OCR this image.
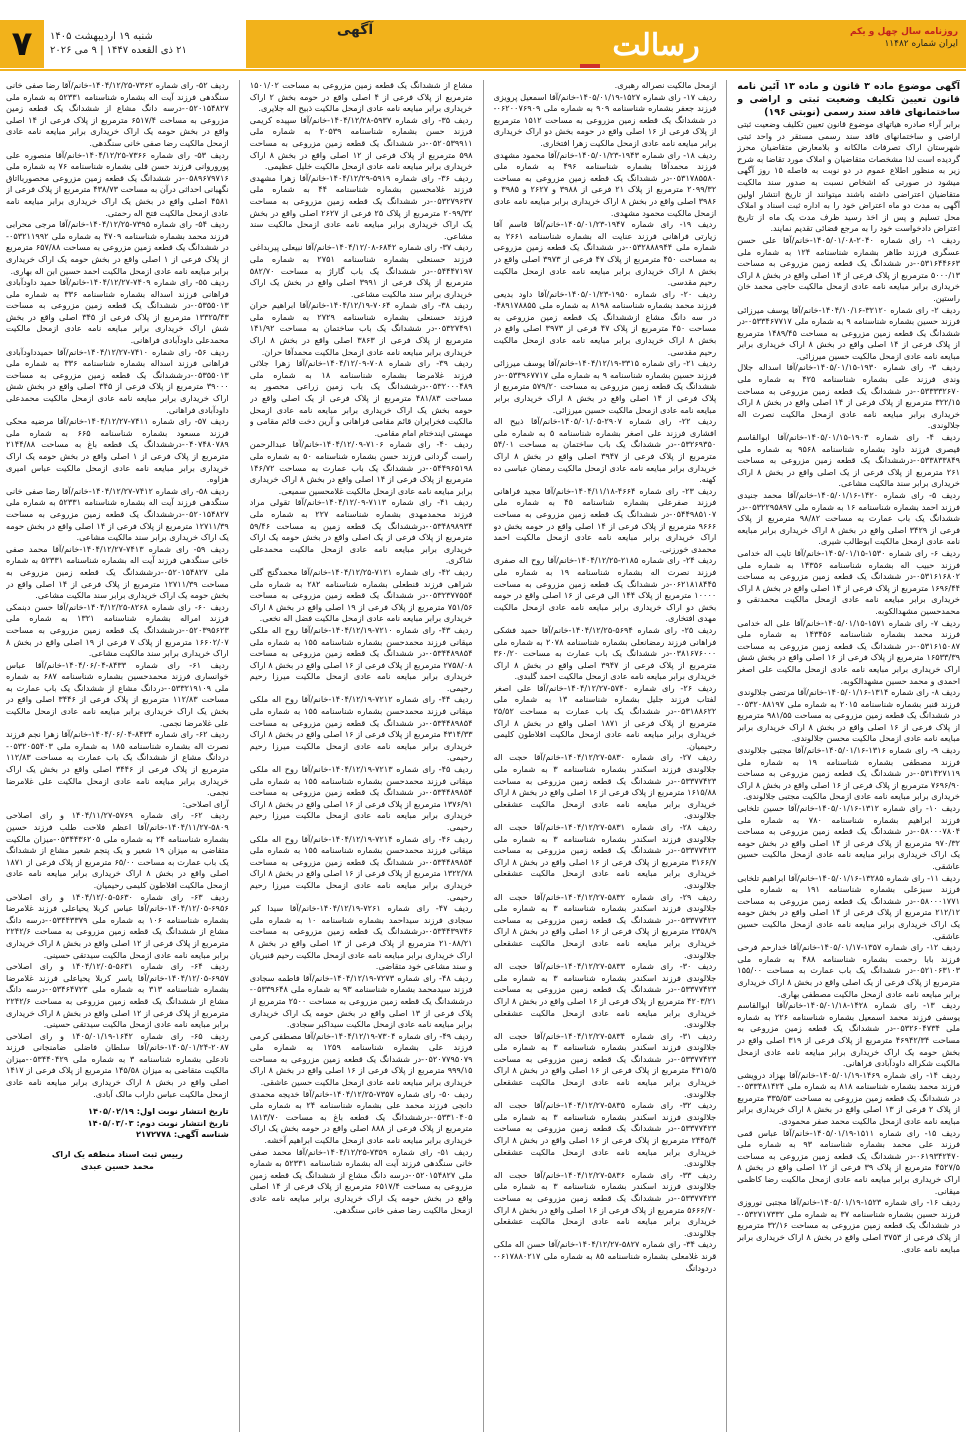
۷	شنبه ۱۹ اردیبهشت ۱۴۰۵
۲۱ ذی القعده ۱۴۴۷ | ۹ می ۲۰۲۶
آگهی	رسالت	روزنامه سال چهل و یکم
ایران شماره ۱۱۴۸۲

آگهی موضوع ماده ۳ قانون و ماده ۱۳ آئین نامه قانون تعیین تکلیف وضعیت ثبتی و اراضی و ساختمانهای فاقد سند رسمی (نوبتی ۱۹۶)

برابر آراء صادره هیاتهای موضوع قانون تعیین تکلیف وضعیت ثبتی اراضی و ساختمانهای فاقد سند رسمی مستقر در واحد ثبتی شهرستان اراک تصرفات مالکانه و بلامعارض متقاضیان محرز گردیده است لذا مشخصات متقاضیان و املاک مورد تقاضا به شرح زیر به منظور اطلاع عموم در دو نوبت به فاصله ۱۵ روز آگهی میشود در صورتی که اشخاص نسبت به صدور سند مالکیت متقاضیان اعتراضی داشته باشند میتوانند از تاریخ انتشار اولین آگهی به مدت دو ماه اعتراض خود را به اداره ثبت اسناد و املاک محل تسلیم و پس از اخذ رسید ظرف مدت یک ماه از تاریخ اعتراض دادخواست خود را به مرجع قضائی تقدیم نمایند.

ردیف ۱- رای شماره ۲۰۴۰-۱۴۰۵/۰۱/۰۸-خانم/آقا علی حسن عسگری فرزند طاهر بشماره شناسنامه ۱۲۴ به شماره ملی ۰۵۳۱۶۴۴۶۶۳-در ششدانگ یک قطعه زمین مزروعی به مساحت ۵۰۰۰/۱۳ مترمربع از پلاک فرعی از ۱۴ اصلی واقع در بخش ۸ اراک خریداری برابر مبایعه نامه عادی ازمحل مالکیت حاجی محمد خان راستین.

ردیف ۲- رای شماره ۳۲۱۲۰-۱۴۰۴/۱۰/۱۶-خانم/آقا یوسف میرزائی فرزند حسین بشماره شناسنامه ۹ به شماره ملی ۰۵۳۳۴۶۷۷۱۷-در ششدانگ یک قطعه زمین مزروعی به مساحت ۱۴۸۹/۴۵ مترمربع از پلاک فرعی از ۱۴ اصلی واقع در بخش ۸ اراک خریداری برابر مبایعه نامه عادی ازمحل مالکیت حسین میرزائی.

ردیف ۳- رای شماره ۱۹۳۰-۱۴۰۵/۰۱/۱۵-خانم/آقا اسداله جلال وندی فرزند علی بشماره شناسنامه ۴۲۵ به شماره ملی ۰۵۳۳۳۳۲۶۷۰-در ششدانگ یک قطعه زمین مزروعی به مساحت ۳۲۲/۱۵ مترمربع از پلاک فرعی از ۱۴ اصلی واقع در بخش ۸ اراک خریداری برابر مبایعه نامه عادی ازمحل مالکیت نصرت اله جلالوندی.

ردیف ۴- رای شماره ۱۹۰۳-۱۴۰۵/۰۱/۱۵-خانم/آقا ابوالقاسم قیصری فرزند داود بشماره شناسنامه ۹۵۶۸ به شماره ملی ۰۵۳۳۸۳۳۸۴۹-درششدانگ یک قطعه زمین مزروعی به مساحت ۲۶۱ مترمربع از پلاک فرعی از یک اصلی واقع در بخش ۸ اراک خریداری برابر سند مالکیت مشاعی.

ردیف ۵- رای شماره ۱۴۲۰-۱۴۰۵/۰۱/۱۶-خانم/آقا محمد جنیدی فرزند احمد بشماره شناسنامه ۱۶ به شماره ملی ۰۵۳۲۲۹۵۸۹۷-در ششدانگ یک باب عمارت به مساحت ۹۸/۸۲ مترمربع از پلاک فرعی از ۳۴۲۹ اصلی واقع در بخش ۸ اراک خریداری برابر مبایعه نامه عادی ازمحل مالکیت ابوطالب شیری.

ردیف ۶- رای شماره ۱۵۳۰-۱۴۰۵/۰۱/۱۵-خانم/آقا تایب اله خدامی فرزند حبیب اله بشماره شناسنامه ۱۴۳۵۶ به شماره ملی ۰۵۳۱۶۱۶۸۰۲-در ششدانگ یک قطعه زمین مزروعی به مساحت ۱۶۹۶/۴۴ مترمربع از پلاک فرعی از ۱۴ اصلی واقع در بخش ۸ اراک خریداری برابر مبایعه نامه عادی ازمحل مالکیت محمدنقی و محمدحسین مشهدالکوبه.

ردیف ۷- رای شماره ۱۵۷۱-۱۴۰۵/۰۱/۱۵-خانم/آقا علی اله خدامی فرزند محمد بشماره شناسنامه ۱۴۳۴۵۶ به شماره ملی ۰۵۳۱۶۱۵۰۸۷-در ششدانگ یک قطعه زمین مزروعی به مساحت ۱۶۵۳۳/۳۹ مترمربع از پلاک فرعی از ۱۶ اصلی واقع در بخش شش اراک خریداری برابر مبایعه نامه عادی ازمحل مالکیت علی اصغر احمدی و محمد حسین مشهدالکوبه.

ردیف ۸- رای شماره ۱۳۱۴-۱۴۰۵/۰۱/۱۶-خانم/آقا مرتضی جلالوندی فرزند قنبر بشماره شناسنامه ۲۰۱۵ به شماره ملی ۰۵۳۲۰۸۸۱۹۷-در ششدانگ یک قطعه زمین مزروعی به مساحت ۹۸۱/۵۵ مترمربع از پلاک فرعی از ۱۶ اصلی واقع در بخش ۸ اراک خریداری برابر مبایعه نامه عادی ازمحل مالکیت محسن جلالوندی.

ردیف ۹- رای شماره ۱۳۱۶-۱۴۰۵/۰۱/۱۶-خانم/آقا مجتبی جلالوندی فرزند مصطفی بشماره شناسنامه ۱۹ به شماره ملی ۰۵۳۱۴۲۷۱۱۹-در ششدانگ یک قطعه زمین مزروعی به مساحت ۷۶۹۶/۹۰ مترمربع از پلاک فرعی از ۱۶ اصلی واقع در بخش ۸ اراک خریداری برابر مبایعه نامه عادی ازمحل مالکیت مجتبی جلالوندی.

ردیف ۱۰- رای شماره ۱۳۱۲-۱۴۰۵/۰۱/۱۶-خانم/آقا حسین تلخابی فرزند ابراهیم بشماره شناسنامه ۷۸۰ به شماره ملی ۰۵۸۰۰۰۷۸۰۴-در ششدانگ یک قطعه زمین مزروعی به مساحت ۹۷۰/۳۲ مترمربع از پلاک فرعی از ۱۴ اصلی واقع در بخش حومه یک اراک خریداری برابر مبایعه نامه عادی ازمحل مالکیت حسین عاشقی.

ردیف ۱۱- رای شماره ۱۳۲۸۵-۱۴۰۵/۰۱/۱۶-خانم/آقا ابراهیم تلخابی فرزند سیزعلی بشماره شناسنامه ۱۹۱ به شماره ملی ۰۵۸۰۰۰۱۷۷۱-در ششدانگ یک قطعه زمین مزروعی به مساحت ۲۱۲/۱۲ مترمربع از پلاک فرعی از ۱۴ اصلی واقع در بخش حومه یک اراک خریداری برابر مبایعه نامه عادی ازمحل مالکیت حسین عاشقی.

ردیف ۱۲- رای شماره ۱۳۵۷-۱۴۰۵/۰۱/۱۷-خانم/آقا خدارحم فرحی فرزند بابا رحمت بشماره شناسنامه ۴۸۸ به شماره ملی ۰۵۲۱۰۶۳۱۰۳-در ششدانگ یک باب عمارت به مساحت ۱۵۵/۰۰ مترمربع از پلاک فرعی از یک اصلی واقع در بخش ۸ اراک خریداری برابر مبایعه نامه عادی ازمحل مالکیت مصطفی بهاری.

ردیف ۱۳- رای شماره ۱۴۲۸-۱۴۰۵/۰۱/۱۸-خانم/آقا ابوالقاسم یوسفی فرزند محمد اسمعیل بشماره شناسنامه ۲۲۶ به شماره ملی ۰۵۳۲۶۰۴۷۳۴-در ششدانگ یک قطعه زمین مزروعی به مساحت ۴۶۹۴۲/۳۴ مترمربع از پلاک فرعی از ۳۱۹ اصلی واقع در بخش حومه یک اراک خریداری برابر مبایعه نامه عادی ازمحل مالکیت شکراله داودآبادی فراهانی.

ردیف ۱۴- رای شماره ۱۴۶۹-۱۴۰۵/۰۱/۱۹-خانم/آقا بهزاد درویشی فرزند محمد بشماره شناسنامه ۸۱۸ به شماره ملی ۰۵۳۳۴۸۱۴۲۴-در ششدانگ یک قطعه زمین مزروعی به مساحت ۳۳۵/۵۳ مترمربع از پلاک ۲ فرعی از ۱۳ اصلی واقع در بخش ۸ اراک خریداری برابر مبایعه نامه عادی ازمحل مالکیت محمد صفر محمودی.

ردیف ۱۵- رای شماره ۱۵۱۱-۱۴۰۵/۰۱/۱۹-خانم/آقا عباس قمی فرزند علی محمد بشماره شناسنامه ۹۳ به شماره ملی ۰۶۱۹۳۴۲۴۷۰-در ششدانگ یک قطعه زمین مزروعی به مساحت ۴۵۲۷/۵ مترمربع از پلاک ۳۹ فرعی از ۱۲ اصلی واقع در بخش ۸ اراک خریداری برابر مبایعه نامه عادی ازمحل مالکیت رضا کاظمی میقانی.

ردیف ۱۶- رای شماره ۱۵۲۳-۱۴۰۵/۰۱/۱۹-خانم/آقا مجتبی نوروزی فرزند حسین بشماره شناسنامه ۳۷ به شماره ملی ۰۵۳۲۷۱۷۳۳۲-در ششدانگ یک قطعه زمین مزروعی به مساحت ۳۲/۱۶ مترمربع از پلاک فرعی از ۳۷۵۳ اصلی واقع در بخش ۸ اراک خریداری برابر مبایعه نامه عادی.

ازمحل مالکیت نصراله رهبری.

ردیف ۱۷- رای شماره ۱۵۲۷-۱۴۰۵/۰۱/۱۹-خانم/آقا اسمعیل پرویزی فرزند جعفر بشماره شناسنامه ۹۰۹ به شماره ملی ۰۶۲۰۰۷۶۹۰۹-در ششدانگ یک قطعه زمین مزروعی به مساحت ۱۵۱۲ مترمربع از پلاک فرعی از ۱۶ اصلی واقع در حومه بخش دو اراک خریداری برابر مبایعه نامه عادی ازمحل مالکیت زهرا افتخاری.

ردیف ۱۸- رای شماره ۱۹۴۳-۱۴۰۵/۰۱/۲۳-خانم/آقا محمود مشهدی فرزند محمدآقا بشماره شناسنامه ۴۹۶ به شماره ملی ۰۵۳۱۷۸۵۵۸۰-در ششدانگ یک قطعه زمین مزروعی به مساحت ۲۰۹۹/۳۲ مترمربع از پلاک ۲۱ فرعی از ۳۹۸۸ و ۲۶۲۷ و ۳۹۸۵ و ۳۹۸۶ اصلی واقع در بخش ۸ اراک خریداری برابر مبایعه نامه عادی ازمحل مالکیت محمود مشهدی.

ردیف ۱۹- رای شماره ۱۹۴۷-۱۴۰۵/۰۱/۲۳-خانم/آقا قاسم آقا زیارتی فراهانی فرزند عنایت اله بشماره شناسنامه ۲۶۶۱ به شماره ملی ۰۵۳۲۸۸۸۹۴۴-در ششدانگ یک قطعه زمین مزروعی به مساحت ۴۵۰ مترمربع از پلاک ۴۷ فرعی از ۳۹۷۳ اصلی واقع در بخش ۸ اراک خریداری برابر مبایعه نامه عادی ازمحل مالکیت رحیم مقدسی.

ردیف ۲۰- رای شماره ۱۹۵۰-۱۴۰۵/۰۱/۲۳-خانم/آقا داود بدیعی فرزند محمد بشماره شناسنامه ۸۱۹۸ به شماره ملی ۴۸۹۱۷۸۸۵۵-در سه دانگ مشاع ازششدانگ یک قطعه زمین مزروعی به مساحت ۴۵۰ مترمربع از پلاک ۴۷ فرعی از ۳۹۷۳ اصلی واقع در بخش ۸ اراک خریداری برابر مبایعه نامه عادی ازمحل مالکیت رحیم مقدسی.

ردیف ۲۱- رای شماره ۳۳۱۵-۱۴۰۴/۱۲/۱۹-خانم/آقا یوسف میرزائی فرزند حسین بشماره شناسنامه ۹ به شماره ملی ۰۵۳۳۹۶۷۷۱۷-در ششدانگ یک قطعه زمین مزروعی به مساحت ۵۷۹/۲۰ مترمربع از پلاک فرعی از ۱۴ اصلی واقع در بخش ۸ اراک خریداری برابر مبایعه نامه عادی ازمحل مالکیت حسین میرزائی.

ردیف ۲۲- رای شماره ۲۹۰۷-۱۴۰۵/۰۱/۰۵-خانم/آقا ذبیح اله افشاری فرزند علی اصغر بشماره شناسنامه ۵ به شماره ملی ۰۵۳۲۶۹۳۵۰-در ششدانگ یک باب ساختمان به مساحت ۵۴/۰۱ مترمربع از پلاک فرعی از ۳۹۴۷ اصلی واقع در بخش ۸ اراک خریداری برابر مبایعه نامه عادی ازمحل مالکیت رمضان عباسی ده کهنه.

ردیف ۲۳- رای شماره ۴۶۶۴-۱۴۰۴/۱۱/۱۸-خانم/آقا مجید فراهانی فرزند صفرعلی بشماره شناسنامه ۴۵ به شماره ملی ۰۵۴۴۹۸۵۱۰۷-در ششدانگ یک قطعه زمین مزروعی به مساحت ۹۶۶۶ مترمربع از پلاک فرعی از ۱۴ اصلی واقع در حومه بخش دو اراک خریداری برابر مبایعه نامه عادی ازمحل مالکیت احمد محمدی خورزنی.

ردیف ۲۴- رای شماره ۲۱۸۵-۱۴۰۴/۱۲/۲۵-خانم/آقا روح اله صفری فرزند نصرت اله بشماره شناسنامه ۱۹ به شماره ملی ۰۶۲۱۸۱۸۴۴۵-در ششدانگ یک قطعه زمین مزروعی به مساحت ۱۰۰۰۰ مترمربع از پلاک ۱۴۴ الی فرعی از ۱۶ اصلی واقع در حومه بخش دو اراک خریداری برابر مبایعه نامه عادی ازمحل مالکیت مهدی افتخاری.

ردیف ۲۵- رای شماره ۵۶۹۴-۱۴۰۴/۱۲/۲۵-خانم/آقا حمید فشکی فراهانی فرزند رمضانعلی بشماره شناسنامه ۲۰۷۸ به شماره ملی ۰۳۸۱۶۷۶۰۰۰-در ششدانگ یک باب عمارت به مساحت ۳۶۰/۲۰ مترمربع از پلاک فرعی از ۳۹۴۷ اصلی واقع در بخش ۸ اراک خریداری برابر مبایعه نامه عادی ازمحل مالکیت احمد گلبدی.

ردیف ۲۶- رای شماره ۵۷۴۰-۱۴۰۴/۱۲/۲۷-خانم/آقا علی اصغر لفتاب فرزند جلیل بشماره شناسنامه ۱۳ به شماره ملی ۰۵۳۱۸۸۶۲۲-در ششدانگ یک باب عمارت به مساحت ۲۵/۵۲ مترمربع از پلاک فرعی از ۱۸۷۱ اصلی واقع در بخش ۸ اراک خریداری برابر مبایعه نامه عادی ازمحل مالکیت افلاطون کلیمی رحیمیان.

ردیف ۲۷- رای شماره ۵۸۳۰-۱۴۰۴/۱۲/۲۷-خانم/آقا حجت اله جلالوندی فرزند اسکندر بشماره شناسنامه ۳ به شماره ملی ۰۵۳۳۷۷۴۲۳-در ششدانگ یک قطعه زمین مزروعی به مساحت ۱۶۱۵/۸۸ مترمربع از پلاک فرعی از ۱۶ اصلی واقع در بخش ۸ اراک خریداری برابر مبایعه نامه عادی ازمحل مالکیت عشقعلی جلالوندی.

ردیف ۲۸- رای شماره ۵۸۳۱-۱۴۰۴/۱۲/۲۷-خانم/آقا حجت اله جلالوندی فرزند اسکندر بشماره شناسنامه ۳ به شماره ملی ۰۵۳۳۷۷۴۲۳-در ششدانگ یک قطعه زمین مزروعی به مساحت ۳۱۶۶/۷ مترمربع از پلاک فرعی از ۱۶ اصلی واقع در بخش ۸ اراک خریداری برابر مبایعه نامه عادی ازمحل مالکیت عشقعلی جلالوندی.

ردیف ۲۹- رای شماره ۵۸۳۲-۱۴۰۴/۱۲/۲۷-خانم/آقا حجت اله جلالوندی فرزند اسکندر بشماره شناسنامه ۳ به شماره ملی ۰۵۳۳۷۷۴۲۳-در ششدانگ یک قطعه زمین مزروعی به مساحت ۲۳۵۸/۹ مترمربع از پلاک فرعی از ۱۶ اصلی واقع در بخش ۸ اراک خریداری برابر مبایعه نامه عادی ازمحل مالکیت عشقعلی جلالوندی.

ردیف ۳۰- رای شماره ۵۸۳۳-۱۴۰۴/۱۲/۲۷-خانم/آقا حجت اله جلالوندی فرزند اسکندر بشماره شناسنامه ۳ به شماره ملی ۰۵۳۳۷۷۴۲۳-در ششدانگ یک قطعه زمین مزروعی به مساحت ۴۲۰۳/۲۱ مترمربع از پلاک فرعی از ۱۶ اصلی واقع در بخش ۸ اراک خریداری برابر مبایعه نامه عادی ازمحل مالکیت عشقعلی جلالوندی.

ردیف ۳۱- رای شماره ۵۸۳۴-۱۴۰۴/۱۲/۲۷-خانم/آقا حجت اله جلالوندی فرزند اسکندر بشماره شناسنامه ۳ به شماره ملی ۰۵۳۳۷۷۴۲۳-در ششدانگ یک قطعه زمین مزروعی به مساحت ۴۳۱۵/۵ مترمربع از پلاک فرعی از ۱۶ اصلی واقع در بخش ۸ اراک خریداری برابر مبایعه نامه عادی ازمحل مالکیت عشقعلی جلالوندی.

ردیف ۳۲- رای شماره ۵۸۳۵-۱۴۰۴/۱۲/۲۷-خانم/آقا حجت اله جلالوندی فرزند اسکندر بشماره شناسنامه ۳ به شماره ملی ۰۵۳۳۷۷۴۲۳-در ششدانگ یک قطعه زمین مزروعی به مساحت ۲۴۴۵/۴ مترمربع از پلاک فرعی از ۱۶ اصلی واقع در بخش ۸ اراک خریداری برابر مبایعه نامه عادی ازمحل مالکیت عشقعلی جلالوندی.

ردیف ۳۳- رای شماره ۵۸۳۶-۱۴۰۴/۱۲/۲۷-خانم/آقا حجت اله جلالوندی فرزند اسکندر بشماره شناسنامه ۳ به شماره ملی ۰۵۳۳۷۷۴۲۳-در ششدانگ یک قطعه زمین مزروعی به مساحت ۵۶۶۶/۷۰ مترمربع از پلاک فرعی از ۱۶ اصلی واقع در بخش ۸ اراک خریداری برابر مبایعه نامه عادی ازمحل مالکیت عشقعلی جلالوندی.

ردیف ۳۴- رای شماره ۵۸۲۷-۱۴۰۴/۱۲/۲۷-خانم/آقا حسن اله ملکی قرند غلامعلی بشماره شناسنامه ۸۵ به شماره ملی ۰۶۱۷۸۸۰۲۱۷-دردودانگ

مشاع از ششدانگ یک قطعه زمین مزروعی به مساحت ۱۵۰۱/۰۲ مترمربع از پلاک فرعی از ۴ اصلی واقع در حومه بخش ۲ اراک خریداری برابر مبایعه نامه عادی ازمحل مالکیت ذبیح اله جلایری.

ردیف ۳۵- رای شماره ۵۹۳۷-۱۴۰۴/۱۲/۲۸-خانم/آقا سپیده کریمی فرزند حسن بشماره شناسنامه ۲۰۵۳۹ به شماره ملی ۰۵۲۰۵۳۹۹۱۱-در ششدانگ یک قطعه زمین مزروعی به مساحت ۵۹۸ مترمربع از پلاک فرعی از ۱۲ اصلی واقع در بخش ۸ اراک خریداری برابر مبایعه نامه عادی ازمحل مالکیت خلیل عظیمی.

ردیف ۳۶- رای شماره ۵۹۱۹-۱۴۰۴/۱۲/۲۹-خانم/آقا زهرا مشهدی فرزند غلامحسین بشماره شناسنامه ۴۴ به شماره ملی ۰۵۳۲۷۹۶۳۷-در ششدانگ یک قطعه زمین مزروعی به مساحت ۲۰۹۹/۳۲ مترمربع از پلاک ۲۵ فرعی از ۲۶۲۷ اصلی واقع در بخش یک اراک خریداری برابر مبایعه نامه عادی ازمحل مالکیت سند مشاعی.

ردیف ۳۷- رای شماره ۶۸۴۲-۱۴۰۴/۱۲/۰۸-خانم/آقا نبیعلی پیربداغی فرزند حسنعلی بشماره شناسنامه ۲۷۵۱ به شماره ملی ۰۵۴۴۴۷۱۹۷-در ششدانگ یک باب گاراژ به مساحت ۵۸۲/۷۰ مترمربع از پلاک فرعی از ۳۹۹۱ اصلی واقع در بخش یک اراک خریداری برابر سند مالکیت مشاعی.

ردیف ۳۸- رای شماره ۷۰۶۴-۱۴۰۴/۱۲/۱۹-خانم/آقا ابراهیم حران فرزند حسنعلی بشماره شناسنامه ۲۷۲۹ به شماره ملی ۰۵۳۲۷۴۹۱-در ششدانگ یک باب ساختمان به مساحت ۱۴۱/۹۲ مترمربع از پلاک فرعی از ۳۸۶۳ اصلی واقع در بخش ۸ اراک خریداری برابر مبایعه نامه عادی ازمحل مالکیت محمدآقا حران.

ردیف ۳۹- رای شماره ۷۰۸-۱۴۰۴/۱۲/۰۹-خانم/آقا زهرا جلائی فرزند غلامرضا بشماره شناسنامه ۱۸ به شماره ملی ۰۵۳۲۰۰۰۴۸۹-درششدانگ یک باب زمین زراعی محصور به مساحت ۴۸۱/۸۳ مترمربع از پلاک فرعی از یک اصلی واقع در حومه بخش یک اراک خریداری برابر مبایعه نامه عادی ازمحل مالکیت فخرایران قائم مقامی فراهانی و آرین دخت قائم مقامی و مهستی ایندختام امام مقامی.

ردیف ۴۰- رای شماره ۷۱۰۶-۱۴۰۴/۱۲/۰۹-خانم/آقا عبدالرحمن راست گردانی فرزند حسن بشماره شناسنامه ۵۰ به شماره ملی ۰۵۴۴۹۶۵۱۹۸-در ششدانگ یک باب عمارت به مساحت ۱۴۶/۷۲ مترمربع از پلاک فرعی از ۱۴ اصلی واقع در بخش ۸ اراک خریداری برابر مبایعه نامه عادی ازمحل مالکیت غلامحسین سمیعی.

ردیف ۴۱- رای شماره ۷۱۱۳-۱۴۰۴/۱۲/۰۹-خانم/آقا تقولی مراد فرزند محمدمهدی بشماره شناسنامه ۲۲۷ به شماره ملی ۰۵۳۴۸۹۸۹۳۴-درششدانگ یک قطعه زمین به مساحت ۵۹/۴۶ مترمربع از پلاک فرعی از یک اصلی واقع در بخش حومه یک اراک خریداری برابر مبایعه نامه عادی ازمحل مالکیت محمدعلی شاکری.

ردیف ۴۲- رای شماره ۷۱۲۱-۱۴۰۴/۱۲/۲۵-خانم/آقا محمدگنج گلی شراهی فرزند قنطعلی بشماره شناسنامه ۲۸۲ به شماره ملی ۰۵۳۲۳۷۷۵۵۴-در ششدانگ یک قطعه زمین مزروعی به مساحت ۷۵۱/۵۶ مترمربع از پلاک فرعی از ۱۹ اصلی واقع در بخش ۸ اراک خریداری برابر مبایعه نامه عادی ازمحل مالکیت فضل اله نخعی.

ردیف ۴۳- رای شماره ۷۲۱۰-۱۴۰۴/۱۲/۱۹-خانم/آقا روح اله ملکی میقانی فرزند محمدحسن بشماره شناسنامه ۱۵۵ به شماره ملی ۰۵۳۴۴۸۹۸۵۴-در ششدانگ یک قطعه زمین مزروعی به مساحت ۲۷۵۸/۰۸ مترمربع از پلاک فرعی از ۱۶ اصلی واقع در بخش ۸ اراک خریداری برابر مبایعه نامه عادی ازمحل مالکیت میرزا رحیم رحیمی.

ردیف ۴۴- رای شماره ۷۲۱۲-۱۴۰۴/۱۲/۱۹-خانم/آقا روح اله ملکی میقانی فرزند محمدحسن بشماره شناسنامه ۱۵۵ به شماره ملی ۰۵۳۴۴۸۹۸۵۴-در ششدانگ یک قطعه زمین مزروعی به مساحت ۴۳۱۴/۳۳ مترمربع از پلاک فرعی از ۱۶ اصلی واقع در بخش ۸ اراک خریداری برابر مبایعه نامه عادی ازمحل مالکیت میرزا رحیم رحیمی.

ردیف ۴۵- رای شماره ۷۲۱۳-۱۴۰۴/۱۲/۱۹-خانم/آقا روح اله ملکی میقانی فرزند محمدحسن بشماره شناسنامه ۱۵۵ به شماره ملی ۰۵۳۴۴۸۹۸۵۴-در ششدانگ یک قطعه زمین مزروعی به مساحت ۱۳۷۶/۹۱ مترمربع از پلاک فرعی از ۱۶ اصلی واقع در بخش ۸ اراک خریداری برابر مبایعه نامه عادی ازمحل مالکیت میرزا رحیم رحیمی.

ردیف ۴۶- رای شماره ۷۲۱۴-۱۴۰۴/۱۲/۱۹-خانم/آقا روح اله ملکی میقانی فرزند محمدحسن بشماره شناسنامه ۱۵۵ به شماره ملی ۰۵۳۴۴۸۹۸۵۴-در ششدانگ یک قطعه زمین مزروعی به مساحت ۱۳۲۲/۷۸ مترمربع از پلاک فرعی از ۱۶ اصلی واقع در بخش ۸ اراک خریداری برابر مبایعه نامه عادی ازمحل مالکیت میرزا رحیم رحیمی.

ردیف ۴۷- رای شماره ۷۲۶۱-۱۴۰۴/۱۲/۱۹-خانم/آقا سیدا کبر سجادی فرزند سیداحمد بشماره شناسنامه ۱۰ به شماره ملی ۰۵۳۴۴۳۹۷۴۶-درششدانگ یک قطعه زمین مزروعی به مساحت ۲۱۰۸۸/۲۱ مترمربع از پلاک فرعی از ۱۳ اصلی واقع در بخش ۸ اراک خریداری برابر مبایعه نامه عادی ازمحل مالکیت رحیم قنبریان و سند مشاعی خود متقاضی.

ردیف ۴۸- رای شماره ۷۲۷۳-۱۴۰۴/۱۲/۱۹-خانم/آقا فاطمه سجادی فرزند سیدمحمد بشماره شناسنامه ۹۳ به شماره ملی ۰۵۳۳۹۶۴۸-درششدانگ یک قطعه زمین مزروعی به مساحت ۲۵۰۰ مترمربع از پلاک فرعی از ۱۳ اصلی واقع در بخش حومه یک اراک خریداری برابر مبایعه نامه عادی ازمحل مالکیت سیداکبر سجادی.

ردیف ۴۹- رای شماره ۷۳۰۴-۱۴۰۴/۱۲/۱۹-خانم/آقا مصطفی کرمی فرزند علی بشماره شناسنامه ۱۲۵۹ به شماره ملی ۰۵۲۰۷۷۹۵۰۷۹-در ششدانگ یک قطعه زمین مزروعی به مساحت ۹۹۹/۱۵ مترمربع از پلاک فرعی از ۱۶ اصلی واقع در بخش ۸ اراک خریداری برابر مبایعه نامه عادی ازمحل مالکیت حسین عاشقی.

ردیف ۵۰- رای شماره ۷۳۵۷-۱۴۰۴/۱۲/۲۵-خانم/آقا خدیجه محمدی دانجی فرزند محمد علی بشماره شناسنامه ۲۴ به شماره ملی ۰۵۳۳۱۰۴۰۵-درششدانگ یک قطعه باغ به مساحت ۱۸۱۳/۷۰ مترمربع از پلاک فرعی از ۸۸۸ اصلی واقع در حومه بخش یک اراک خریداری برابر مبایعه نامه عادی ازمحل مالکیت ابراهیم آخشه.

ردیف ۵۱- رای شماره ۷۳۵۹-۱۴۰۴/۱۲/۲۵-خانم/آقا محمد صفی خانی سنگدهی فرزند آیت اله بشماره شناسنامه ۵۲۳۳۱ به شماره ملی ۰۵۲۰۱۵۴۸۲۷-درسه دانگ مشاع از ششدانگ یک قطعه زمین مزروعی به مساحت ۶۵۱۷/۴ مترمربع از پلاک فرعی از ۱۴ اصلی واقع در بخش حومه یک اراک خریداری برابر مبایعه نامه عادی ازمحل مالکیت رضا صفی خانی سنگدهی.

ردیف ۵۲- رای شماره ۷۳۶۲-۱۴۰۴/۱۲/۲۵-خانم/آقا رضا صفی خانی سنگدهی فرزند آیت اله بشماره شناسنامه ۵۲۳۳۱ به شماره ملی ۰۵۲۰۱۵۴۸۲۷-درسه دانگ مشاع از ششدانگ یک قطعه زمین مزروعی به مساحت ۶۵۱۷/۴ مترمربع از پلاک فرعی از ۱۴ اصلی واقع در بخش حومه یک اراک خریداری برابر مبایعه نامه عادی ازمحل مالکیت رضا صفی خانی سنگدهی.

ردیف ۵۳- رای شماره ۷۳۶۶-۱۴۰۴/۱۲/۲۵-خانم/آقا منصوره علی پوروروانی فرزند حسن قلی بشماره شناسنامه ۷۶ به شماره ملی ۰۵۸۹۶۷۹۷۱۶-در ششدانگ یک قطعه زمین مزروعی محصوربااتاق نگهبانی احداثی درآن به مساحت ۴۳۸/۷۳ مترمربع از پلاک فرعی از ۴۵۸۱ اصلی واقع در بخش یک اراک خریداری برابر مبایعه نامه عادی ازمحل مالکیت فتح اله رحمتی.

ردیف ۵۴- رای شماره ۷۳۹۵-۱۴۰۴/۱۲/۲۵-خانم/آقا مرجی محرابی فرزند محمد بشماره شناسنامه ۴۷۰۹ به شماره ملی ۰۵۳۲۱۱۹۹۲-در ششدانگ یک قطعه زمین مزروعی به مساحت ۶۵۷/۸۸ مترمربع از پلاک فرعی از ۱ اصلی واقع در بخش حومه یک اراک خریداری برابر مبایعه نامه عادی ازمحل مالکیت احمد حسین ابن اله بهاری.

ردیف ۵۵- رای شماره ۷۴۰۹-۱۴۰۴/۱۲/۲۷-خانم/آقا حمید داودآبادی فراهانی فرزند اسداله بشماره شناسنامه ۳۳۶ به شماره ملی ۰۵۳۵۵۰۱۳-در ششدانگ یک قطعه زمین مزروعی به مساحت ۱۳۳۲۵/۴۳ مترمربع از پلاک فرعی از ۳۴۵ اصلی واقع در بخش شش اراک خریداری برابر مبایعه نامه عادی ازمحل مالکیت محمدعلی داودآبادی فراهانی.

ردیف ۵۶- رای شماره ۷۴۱۰-۱۴۰۴/۱۲/۲۷-خانم/آقا حمیدداودآبادی فراهانی فرزند اسداله بشماره شناسنامه ۳۳۶ به شماره ملی ۰۵۳۵۵۰۱۳-درششدانگ یک قطعه زمین مزروعی به مساحت ۳۹۰۰۰ مترمربع از پلاک فرعی از ۳۴۵ اصلی واقع در بخش شش اراک خریداری برابر مبایعه نامه عادی ازمحل مالکیت محمدعلی داودآبادی فراهانی.

ردیف ۵۷- رای شماره ۷۴۱۱-۱۴۰۴/۱۲/۲۷-خانم/آقا مرضیه محکی فرزند مسعود بشماره شناسنامه ۶۶۵ به شماره ملی ۰۴۰۷۴۸۰۷۸۹-درششدانگ یک قطعه باغ به مساحت ۲۱۴۴/۸۸ مترمربع از پلاک فرعی از ۱ اصلی واقع در بخش حومه یک اراک خریداری برابر مبایعه نامه عادی ازمحل مالکیت عباس امیری هزاوه.

ردیف ۵۸- رای شماره ۷۴۱۲-۱۴۰۴/۱۲/۲۷-خانم/آقا رضا صفی خانی سنگدهی فرزند آیت اله بشماره شناسنامه ۵۲۳۳۱ به شماره ملی ۰۵۲۰۱۵۴۸۲۷-درششدانگ یک قطعه زمین مزروعی به مساحت ۱۲۷۱۱/۳۹ مترمربع از پلاک فرعی از ۱۴ اصلی واقع در بخش حومه یک اراک خریداری برابر سند مالکیت مشاعی.

ردیف ۵۹- رای شماره ۷۴۱۳-۱۴۰۴/۱۲/۲۷-خانم/آقا محمد صفی خانی سنگدهی فرزند آیت اله بشماره شناسنامه ۵۲۳۳۱ به شماره ملی ۰۵۲۰۱۵۴۸۲۷-درششدانگ یک قطعه زمین مزروعی به مساحت ۱۲۷۱۱/۳۹ مترمربع از پلاک فرعی از ۱۴ اصلی واقع در بخش حومه یک اراک خریداری برابر سند مالکیت مشاعی.

ردیف ۶۰- رای شماره ۸۲۶۸-۱۴۰۴/۱۲/۲۵-خانم/آقا حسن دبنمکی فرزند امراله بشماره شناسنامه ۱۳۲۱ به شماره ملی ۰۵۲۰۳۹۵۶۲۳-درششدانگ یک قطعه زمین مزروعی به مساحت ۱۶۶۰۲/۰۷ مترمربع از پلاک ۷ فرعی از ۱۹ اصلی واقع در بخش ۸ اراک خریداری برابر سند مالکیت مشاعی.

ردیف ۶۱- رای شماره ۸۴۳۳-۱۴۰۴/۰۶/۰۴-خانم/آقا عباس خوانساری فرزند محمدحسین بشماره شناسنامه ۶۸۷ به شماره ملی ۰۵۳۳۲۱۹۱۰۹-دردانگ مشاع از ششدانگ یک باب عمارت به مساحت ۱۱۲/۸۳ مترمربع از پلاک فرعی از ۳۴۴۶ اصلی واقع در بخش یک اراک خریداری برابر مبایعه نامه عادی ازمحل مالکیت علی غلامرضا نجمی.

ردیف ۶۲- رای شماره ۸۴۳۴-۱۴۰۴/۰۶/۰۴-خانم/آقا زهرا نجم فرزند نصرت اله بشماره شناسنامه ۱۸۵ به شماره ملی ۰۵۳۲۰۵۵۴۰۳-دردانگ مشاع از ششدانگ یک باب عمارت به مساحت ۱۱۲/۸۳ مترمربع از پلاک فرعی از ۳۴۴۶ اصلی واقع در بخش یک اراک خریداری برابر مبایعه نامه عادی ازمحل مالکیت علی غلامرضا نجمی.

آرای اصلاحی:

ردیف ۶۲- رای شماره ۵۷۶۹-۱۴۰۴/۱۱/۲۷ و رای اصلاحی ۵۸۰۹-۱۴۰۴/۱۱/۲۷-خانم/آقا اعظم فلاحت طلب فرزند حسین بشماره شناسنامه ۲۴ به شماره ملی ۰۵۳۴۴۳۶۲۰۵-میزان مالکیت متقاضی به میزان ۱۹ شعیر و یک پنجم شعیر مشاع از ششدانگ یک باب عمارت به مساحت ۶۵/۰۰ مترمربع از پلاک فرعی از ۱۸۷۱ اصلی واقع در بخش ۸ اراک خریداری برابر مبایعه نامه عادی ازمحل مالکیت افلاطون کلیمی رحیمیان.

ردیف ۶۳- رای شماره ۵۶۳۰-۱۴۰۴/۱۲/۰۵ و رای اصلاحی ۶۹۵۶-۱۴۰۴/۱۲/۰۵-خانم/آقا عباس کربلا یحیاعلی فرزند غلامرضا بشماره شناسنامه ۱۰۶ به شماره ملی ۰۵۳۴۴۳۳۷۹-درسه دانگ مشاع از ششدانگ یک قطعه زمین مزروعی به مساحت ۲۲۴۲/۶ مترمربع از پلاک فرعی از ۱۲ اصلی واقع در بخش ۸ اراک خریداری برابر مبایعه نامه عادی ازمحل مالکیت سیدتقی حسینی.

ردیف ۶۴- رای شماره ۵۶۳۱-۱۴۰۴/۱۲/۰۵ و رای اصلاحی ۶۹۵۷-۱۴۰۴/۱۲/۰۵-خانم/آقا یاسر کربلا یحیاعلی فرزند غلامرضا بشماره شناسنامه ۳۱۳ به شماره ملی ۰۵۳۴۶۴۷۲۳-درسه دانگ مشاع از ششدانگ یک قطعه زمین مزروعی به مساحت ۲۲۴۲/۶ مترمربع از پلاک فرعی از ۱۲ اصلی واقع در بخش ۸ اراک خریداری برابر مبایعه نامه عادی ازمحل مالکیت سیدتقی حسینی.

ردیف ۶۵- رای شماره ۱۶۴۲-۱۴۰۵/۰۱/۱۹ و رای اصلاحی ۲۰۸۷-۱۴۰۵/۰۱/۲۴-خانم/آقا سلطان فاضلی ضامنجانی فرزند نادعلی بشماره شناسنامه ۳ به شماره ملی ۰۵۳۴۴۰۴۲۹-میزان مالکیت متقاضی به میزان ۱۴۵/۵۸ مترمربع از پلاک فرعی از ۱۴۱۷ اصلی واقع در بخش ۸ اراک خریداری برابر مبایعه نامه عادی ازمحل مالکیت عباس داراب مالک آبادی.

تاریخ انتشار نوبت اول: ۱۴۰۵/۰۲/۱۹

تاریخ انتشار نوبت دوم: ۱۴۰۵/۰۳/۰۳

شناسه آگهی: ۲۱۷۲۷۷۸

رییس ثبت اسناد منطقه یک اراک

محمد حسین عبدی
